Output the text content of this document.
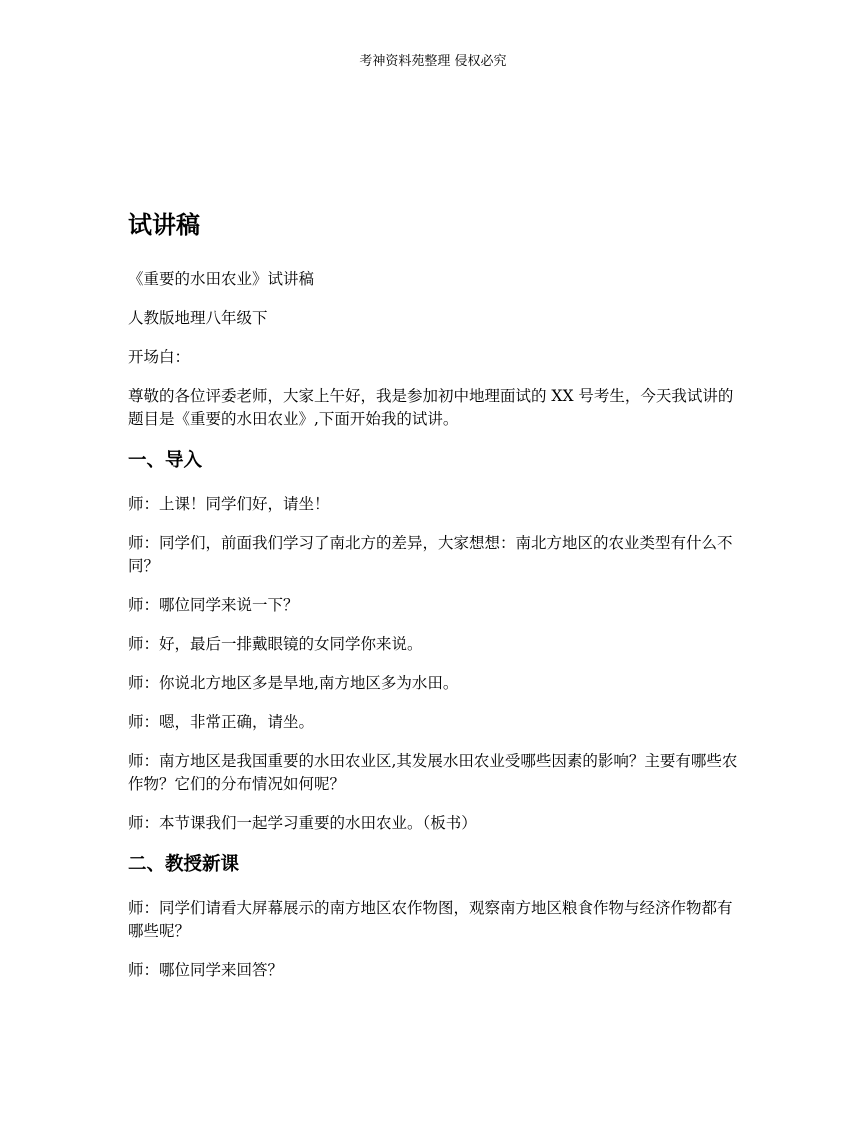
考神资料苑整理 侵权必究
试讲稿
《重要的水田农业》试讲稿
人教版地理八年级下
开场白：
尊敬的各位评委老师，大家上午好，我是参加初中地理面试的 XX 号考生，今天我试讲的题目是《重要的水田农业》,下面开始我的试讲。
一、导入
师：上课！同学们好，请坐！
师：同学们，前面我们学习了南北方的差异，大家想想：南北方地区的农业类型有什么不同？
师：哪位同学来说一下？
师：好，最后一排戴眼镜的女同学你来说。
师：你说北方地区多是旱地,南方地区多为水田。
师：嗯，非常正确，请坐。
师：南方地区是我国重要的水田农业区,其发展水田农业受哪些因素的影响？主要有哪些农作物？它们的分布情况如何呢？
师：本节课我们一起学习重要的水田农业。（板书）
二、教授新课
师：同学们请看大屏幕展示的南方地区农作物图，观察南方地区粮食作物与经济作物都有哪些呢？
师：哪位同学来回答？
